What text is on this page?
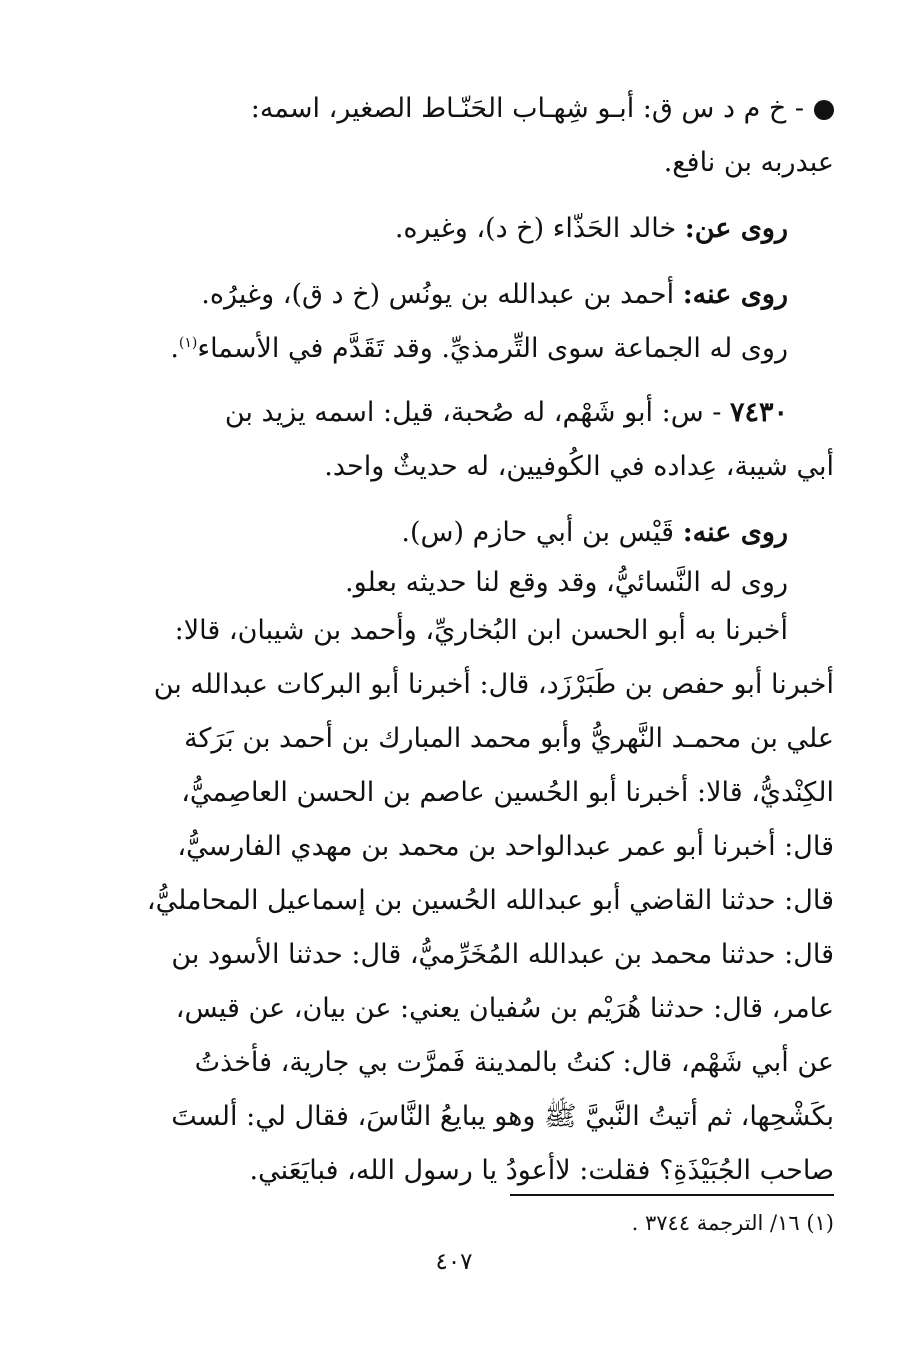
- خ م د س ق: أبـو شِهـاب الحَنّـاط الصغير، اسمه:
عبدربه بن نافع.

روى عن: خالد الحَذّاء (خ د)، وغيره.

روى عنه: أحمد بن عبدالله بن يونُس (خ د ق)، وغيرُه.
روى له الجماعة سوى التِّرمذيِّ. وقد تَقَدَّم في الأسماء$^{(١)}$.

٧٤٣٠ - س: أبو شَهْم، له صُحبة، قيل: اسمه يزيد بن

أبي شيبة، عِداده في الكُوفيين، له حديثٌ واحد.

روى عنه: قَيْس بن أبي حازم (س).

روى له النَّسائيُّ، وقد وقع لنا حديثه بعلو.

أخبرنا به أبو الحسن ابن البُخاريِّ، وأحمد بن شيبان، قالا:
أخبرنا أبو حفص بن طَبَرْزَد، قال: أخبرنا أبو البركات عبدالله بن
علي بن محمـد النَّهريُّ وأبو محمد المبارك بن أحمد بن بَرَكة
الكِنْديُّ، قالا: أخبرنا أبو الحُسين عاصم بن الحسن العاصِميُّ،
قال: أخبرنا أبو عمر عبدالواحد بن محمد بن مهدي الفارسيُّ،
قال: حدثنا القاضي أبو عبدالله الحُسين بن إسماعيل المحامليُّ،
قال: حدثنا محمد بن عبدالله المُخَرِّميُّ، قال: حدثنا الأسود بن
عامر، قال: حدثنا هُرَيْم بن سُفيان يعني: عن بيان، عن قيس،
عن أبي شَهْم، قال: كنتُ بالمدينة فَمرَّت بي جارية، فأخذتُ
بكَشْحِها، ثم أتيتُ النَّبيَّ ﷺ وهو يبايعُ النَّاسَ، فقال لي: ألستَ
صاحب الجُبَيْذَةِ؟ فقلت: لاأعودُ يا رسول الله، فبايَعَني.
(١) ١٦/ الترجمة ٣٧٤٤ .
٤٠٧
